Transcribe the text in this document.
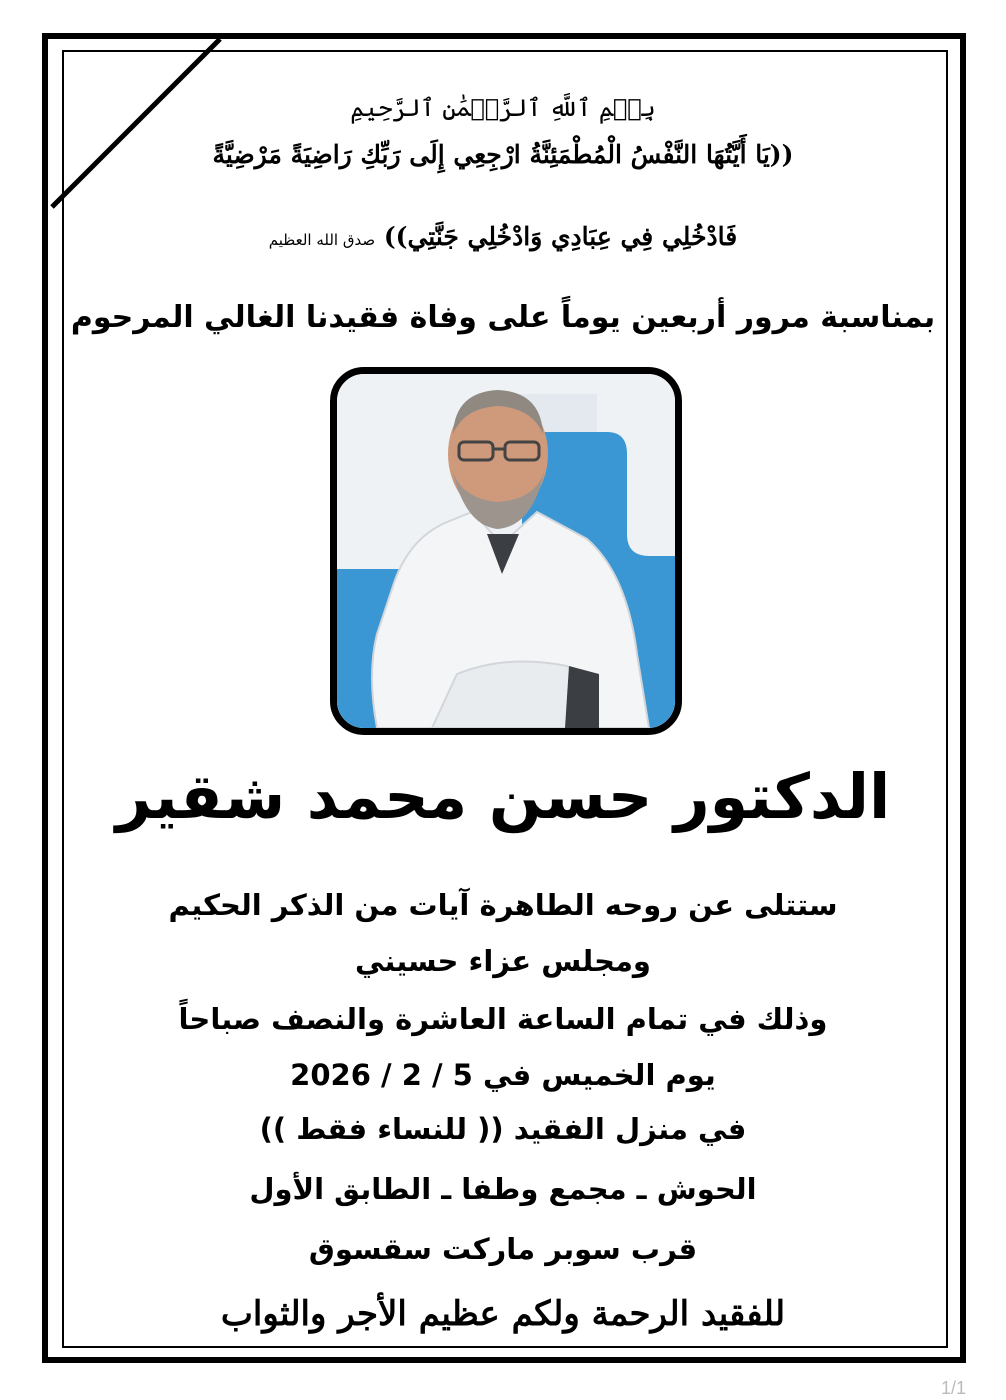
بِسۡمِ ٱللَّهِ ٱلرَّحۡمَٰنِ ٱلرَّحِيمِ
((يَا أَيَّتُهَا النَّفْسُ الْمُطْمَئِنَّةُ ارْجِعِي إِلَى رَبِّكِ رَاضِيَةً مَرْضِيَّةً
فَادْخُلِي فِي عِبَادِي وَادْخُلِي جَنَّتِي)) صدق الله العظيم
بمناسبة مرور أربعين يوماً على وفاة فقيدنا الغالي المرحوم
الدكتور حسن محمد شقير
ستتلى عن روحه الطاهرة آيات من الذكر الحكيم
ومجلس عزاء حسيني
وذلك في تمام الساعة العاشرة والنصف صباحاً
يوم الخميس في 5 / 2 / 2026
في منزل الفقيد (( للنساء فقط ))
الحوش ـ مجمع وطفا ـ الطابق الأول
قرب سوبر ماركت سقسوق
للفقيد الرحمة ولكم عظيم الأجر والثواب
1/1
